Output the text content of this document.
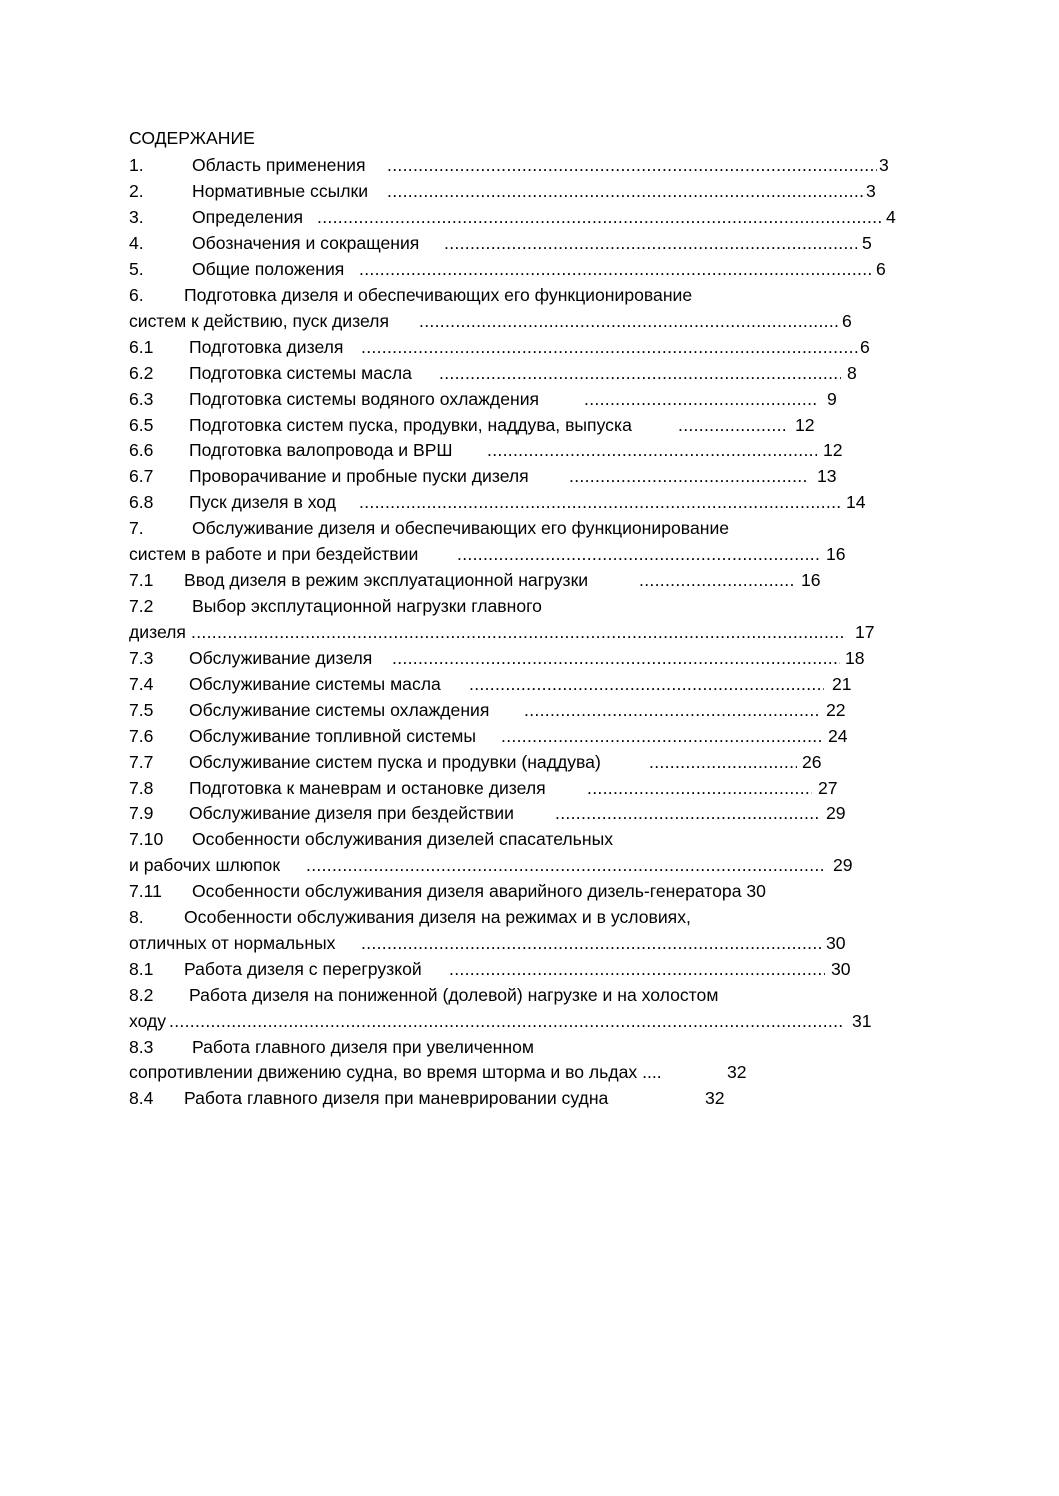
СОДЕРЖАНИЕ
1.	Область применения .....	3
2.	Нормативные ссылки .....	3
3.	Определения .....	4
4.	Обозначения и сокращения .....	5
5.	Общие положения .....	6
6. Подготовка дизеля и обеспечивающих его функционирование
систем к действию, пуск дизеля .....	6
6.1 Подготовка дизеля .....	6
6.2 Подготовка системы масла .....	8
6.3 Подготовка системы водяного охлаждения .....	9
6.5 Подготовка систем пуска, продувки, наддува, выпуска .....	12
6.6 Подготовка валопровода и ВРШ .....	12
6.7 Проворачивание и пробные пуски дизеля .....	13
6.8 Пуск дизеля в ход .....	14
7.	Обслуживание дизеля и обеспечивающих его функционирование
систем в работе и при бездействии .....	16
7.1 Ввод дизеля в режим эксплуатационной нагрузки .....	16
7.2 Выбор эксплутационной нагрузки главного
дизеля .....	17
7.3 Обслуживание дизеля .....	18
7.4 Обслуживание системы масла .....	21
7.5 Обслуживание системы охлаждения .....	22
7.6 Обслуживание топливной системы .....	24
7.7 Обслуживание систем пуска и продувки (наддува) .....	26
7.8 Подготовка к маневрам и остановке дизеля .....	27
7.9 Обслуживание дизеля при бездействии .....	29
7.10 Особенности обслуживания дизелей спасательных
и рабочих шлюпок .....	29
7.11 Особенности обслуживания дизеля аварийного дизель-генератора 30
8. Особенности обслуживания дизеля на режимах и в условиях,
отличных от нормальных .....	30
8.1 Работа дизеля с перегрузкой .....	30
8.2 Работа дизеля на пониженной (долевой) нагрузке и на холостом
ходу .....	31
8.3 Работа главного дизеля при увеличенном
сопротивлении движению судна, во время шторма и во льдах ....	32
8.4 Работа главного дизеля при маневрировании судна	32
